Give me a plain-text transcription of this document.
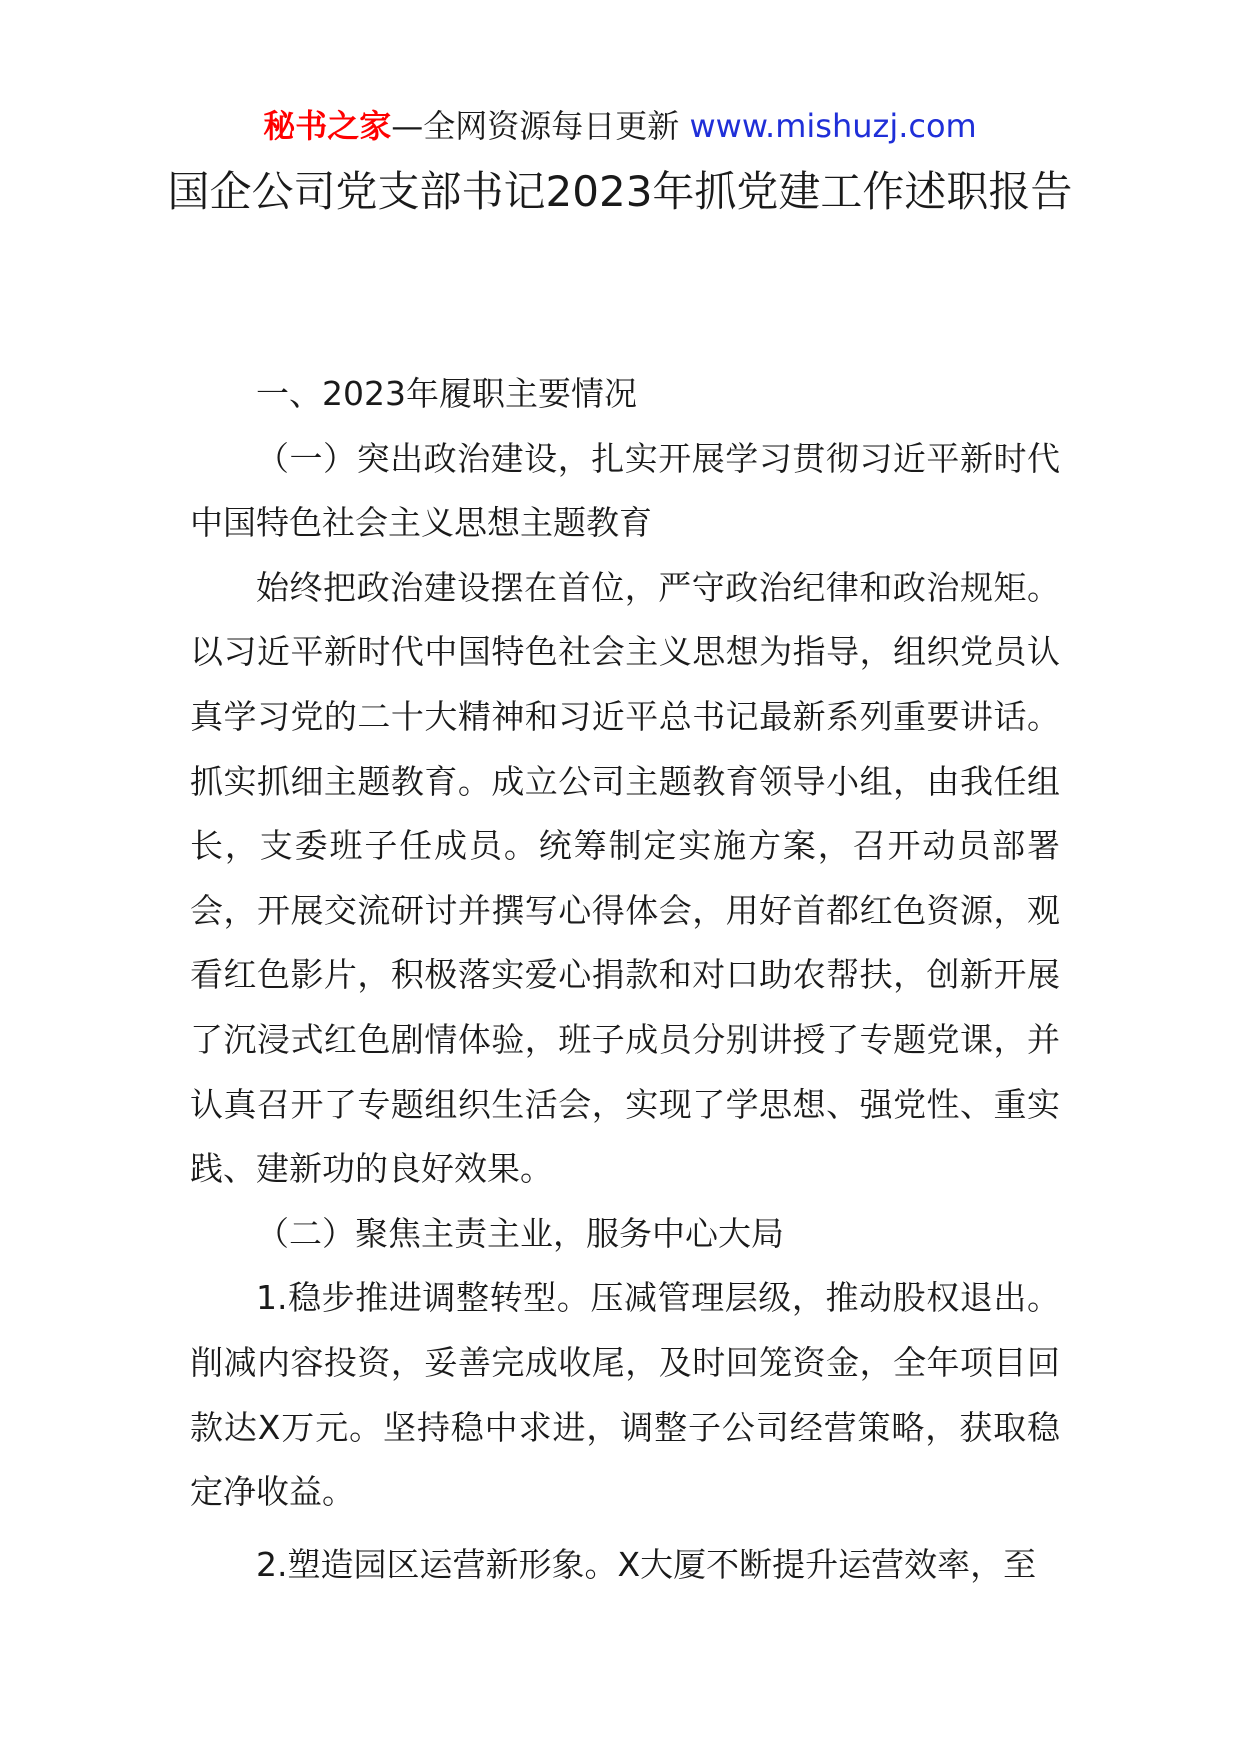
秘书之家—全网资源每日更新 www.mishuzj.com
国企公司党支部书记2023年抓党建工作述职报告

一、2023年履职主要情况

（一）突出政治建设，扎实开展学习贯彻习近平新时代中国特色社会主义思想主题教育

始终把政治建设摆在首位，严守政治纪律和政治规矩。以习近平新时代中国特色社会主义思想为指导，组织党员认真学习党的二十大精神和习近平总书记最新系列重要讲话。抓实抓细主题教育。成立公司主题教育领导小组，由我任组长，支委班子任成员。统筹制定实施方案，召开动员部署会，开展交流研讨并撰写心得体会，用好首都红色资源，观看红色影片，积极落实爱心捐款和对口助农帮扶，创新开展了沉浸式红色剧情体验，班子成员分别讲授了专题党课，并认真召开了专题组织生活会，实现了学思想、强党性、重实践、建新功的良好效果。

（二）聚焦主责主业，服务中心大局

1.稳步推进调整转型。压减管理层级，推动股权退出。削减内容投资，妥善完成收尾，及时回笼资金，全年项目回款达X万元。坚持稳中求进，调整子公司经营策略，获取稳定净收益。

2.塑造园区运营新形象。X大厦不断提升运营效率，至
